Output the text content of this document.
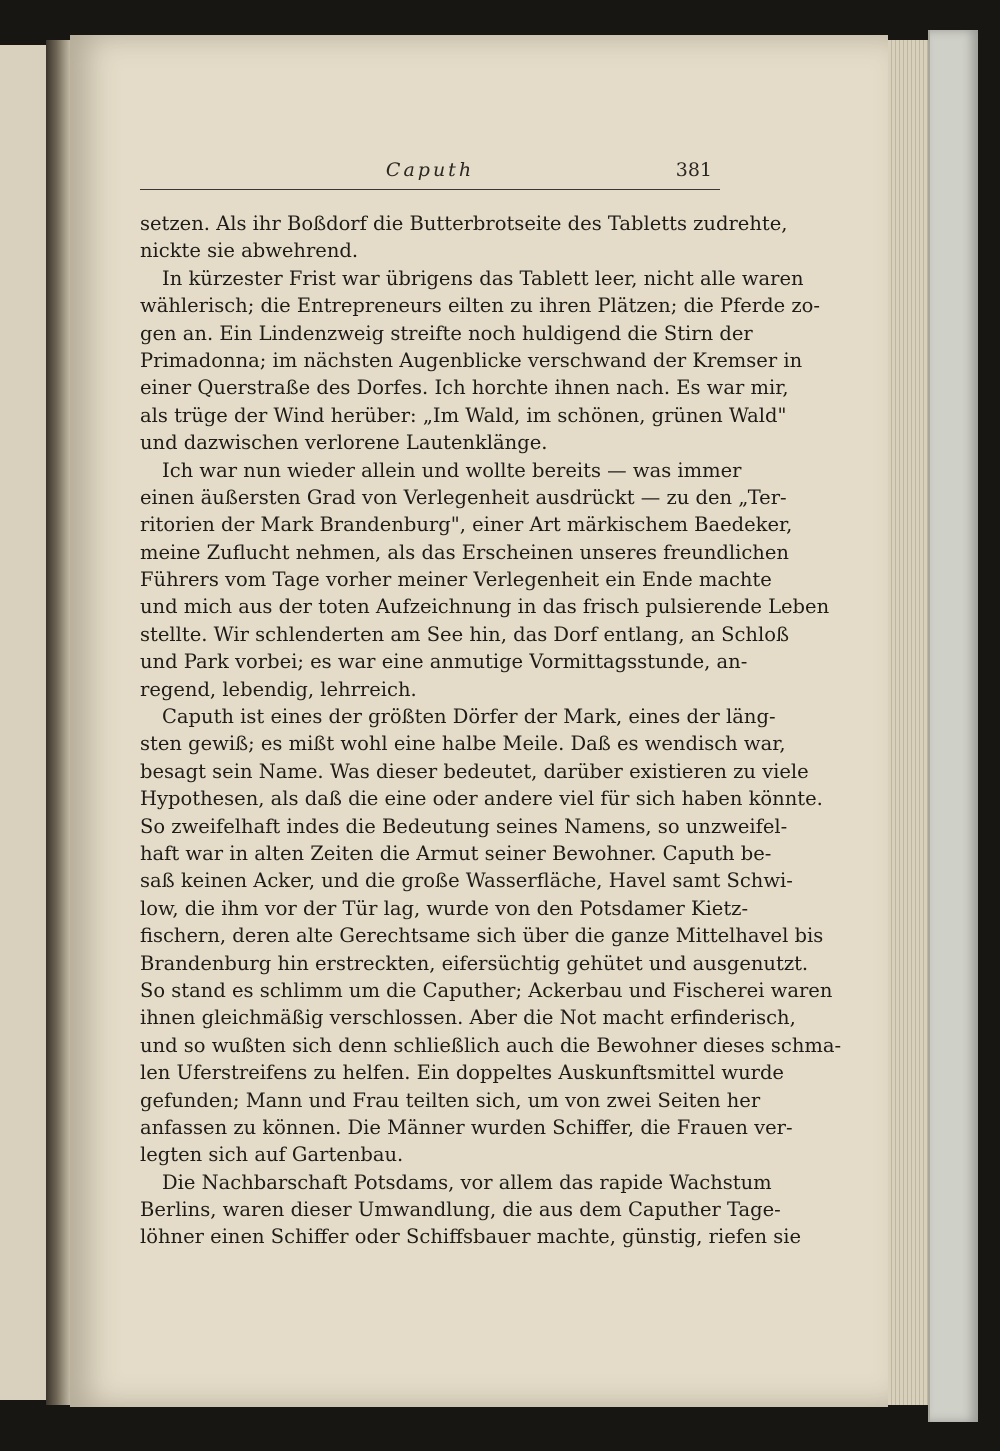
Caputh	381
setzen. Als ihr Boßdorf die Butterbrotseite des Tabletts zudrehte,
nickte sie abwehrend.
In kürzester Frist war übrigens das Tablett leer, nicht alle waren
wählerisch; die Entrepreneurs eilten zu ihren Plätzen; die Pferde zo-
gen an. Ein Lindenzweig streifte noch huldigend die Stirn der
Primadonna; im nächsten Augenblicke verschwand der Kremser in
einer Querstraße des Dorfes. Ich horchte ihnen nach. Es war mir,
als trüge der Wind herüber: „Im Wald, im schönen, grünen Wald"
und dazwischen verlorene Lautenklänge.
Ich war nun wieder allein und wollte bereits — was immer
einen äußersten Grad von Verlegenheit ausdrückt — zu den „Ter-
ritorien der Mark Brandenburg", einer Art märkischem Baedeker,
meine Zuflucht nehmen, als das Erscheinen unseres freundlichen
Führers vom Tage vorher meiner Verlegenheit ein Ende machte
und mich aus der toten Aufzeichnung in das frisch pulsierende Leben
stellte. Wir schlenderten am See hin, das Dorf entlang, an Schloß
und Park vorbei; es war eine anmutige Vormittagsstunde, an-
regend, lebendig, lehrreich.
Caputh ist eines der größten Dörfer der Mark, eines der läng-
sten gewiß; es mißt wohl eine halbe Meile. Daß es wendisch war,
besagt sein Name. Was dieser bedeutet, darüber existieren zu viele
Hypothesen, als daß die eine oder andere viel für sich haben könnte.
So zweifelhaft indes die Bedeutung seines Namens, so unzweifel-
haft war in alten Zeiten die Armut seiner Bewohner. Caputh be-
saß keinen Acker, und die große Wasserfläche, Havel samt Schwi-
low, die ihm vor der Tür lag, wurde von den Potsdamer Kietz-
fischern, deren alte Gerechtsame sich über die ganze Mittelhavel bis
Brandenburg hin erstreckten, eifersüchtig gehütet und ausgenutzt.
So stand es schlimm um die Caputher; Ackerbau und Fischerei waren
ihnen gleichmäßig verschlossen. Aber die Not macht erfinderisch,
und so wußten sich denn schließlich auch die Bewohner dieses schma-
len Uferstreifens zu helfen. Ein doppeltes Auskunftsmittel wurde
gefunden; Mann und Frau teilten sich, um von zwei Seiten her
anfassen zu können. Die Männer wurden Schiffer, die Frauen ver-
legten sich auf Gartenbau.
Die Nachbarschaft Potsdams, vor allem das rapide Wachstum
Berlins, waren dieser Umwandlung, die aus dem Caputher Tage-
löhner einen Schiffer oder Schiffsbauer machte, günstig, riefen sie
